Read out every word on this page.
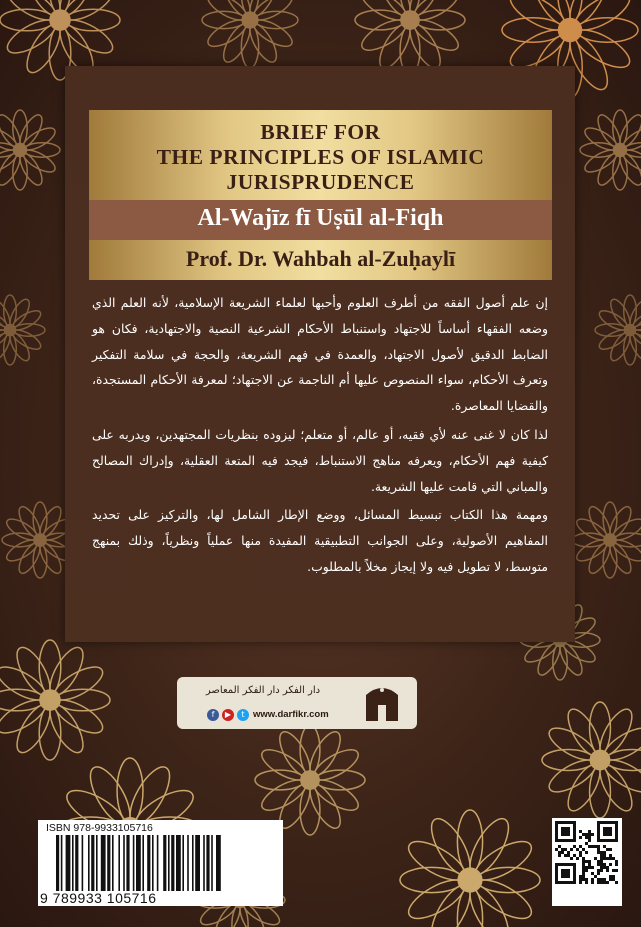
BRIEF FOR
THE PRINCIPLES OF ISLAMIC
JURISPRUDENCE
Al-Wajīz fī Uṣūl al-Fiqh
Prof. Dr. Wahbah al-Zuḥaylī

إن علم أصول الفقه من أطرف العلوم وأحبها لعلماء الشريعة الإسلامية، لأنه العلم الذي وضعه الفقهاء أساساً للاجتهاد واستنباط الأحكام الشرعية النصية والاجتهادية، فكان هو الضابط الدقيق لأصول الاجتهاد، والعمدة في فهم الشريعة، والحجة في سلامة التفكير وتعرف الأحكام، سواء المنصوص عليها أم الناجمة عن الاجتهاد؛ لمعرفة الأحكام المستجدة، والقضايا المعاصرة.

لذا كان لا غنى عنه لأي فقيه، أو عالم، أو متعلم؛ ليزوده بنظريات المجتهدين، ويدربه على كيفية فهم الأحكام، ويعرفه مناهج الاستنباط، فيجد فيه المتعة العقلية، وإدراك المصالح والمباني التي قامت عليها الشريعة.

ومهمة هذا الكتاب تبسيط المسائل، ووضع الإطار الشامل لها، والتركيز على تحديد المفاهيم الأصولية، وعلى الجوانب التطبيقية المفيدة منها عملياً ونظرياً، وذلك بمنهج متوسط، لا تطويل فيه ولا إيجاز مخلاً بالمطلوب.

دار الفكر دار الفكر المعاصر
f	▶	t www.darfikr.com
ISBN 978-9933105716
9 789933 105716
